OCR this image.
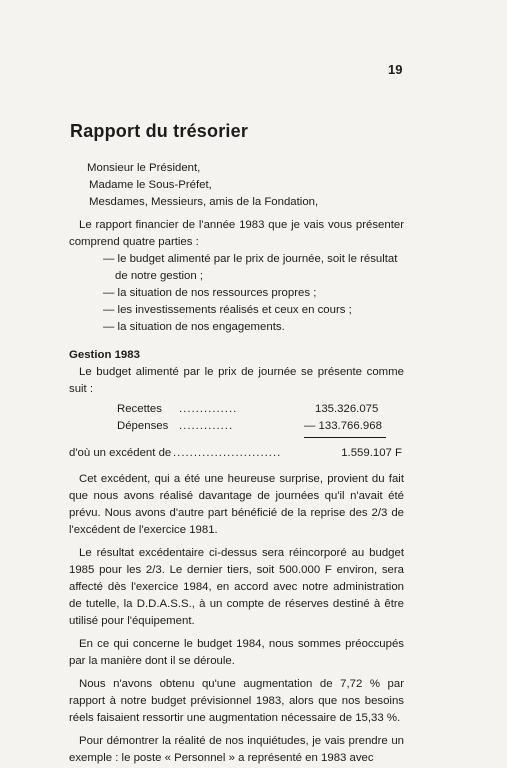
19
Rapport du trésorier
Monsieur le Président,
Madame le Sous-Préfet,
Mesdames, Messieurs, amis de la Fondation,

Le rapport financier de l'année 1983 que je vais vous présenter comprend quatre parties :

— le budget alimenté par le prix de journée, soit le résultat de notre gestion ;
— la situation de nos ressources propres ;
— les investissements réalisés et ceux en cours ;
— la situation de nos engagements.
Gestion 1983

Le budget alimenté par le prix de journée se présente comme suit :

Recettes ..............	135.326.075
Dépenses .............	— 133.766.968
d'où un excédent de ..........................	1.559.107 F

Cet excédent, qui a été une heureuse surprise, provient du fait que nous avons réalisé davantage de journées qu'il n'avait été prévu. Nous avons d'autre part bénéficié de la reprise des 2/3 de l'excédent de l'exercice 1981.

Le résultat excédentaire ci-dessus sera réincorporé au budget 1985 pour les 2/3. Le dernier tiers, soit 500.000 F environ, sera affecté dès l'exercice 1984, en accord avec notre administration de tutelle, la D.D.A.S.S., à un compte de réserves destiné à être utilisé pour l'équipement.

En ce qui concerne le budget 1984, nous sommes préoccupés par la manière dont il se déroule.

Nous n'avons obtenu qu'une augmentation de 7,72 % par rapport à notre budget prévisionnel 1983, alors que nos besoins réels faisaient ressortir une augmentation nécessaire de 15,33 %.

Pour démontrer la réalité de nos inquiétudes, je vais prendre un exemple : le poste « Personnel » a représenté en 1983 avec
